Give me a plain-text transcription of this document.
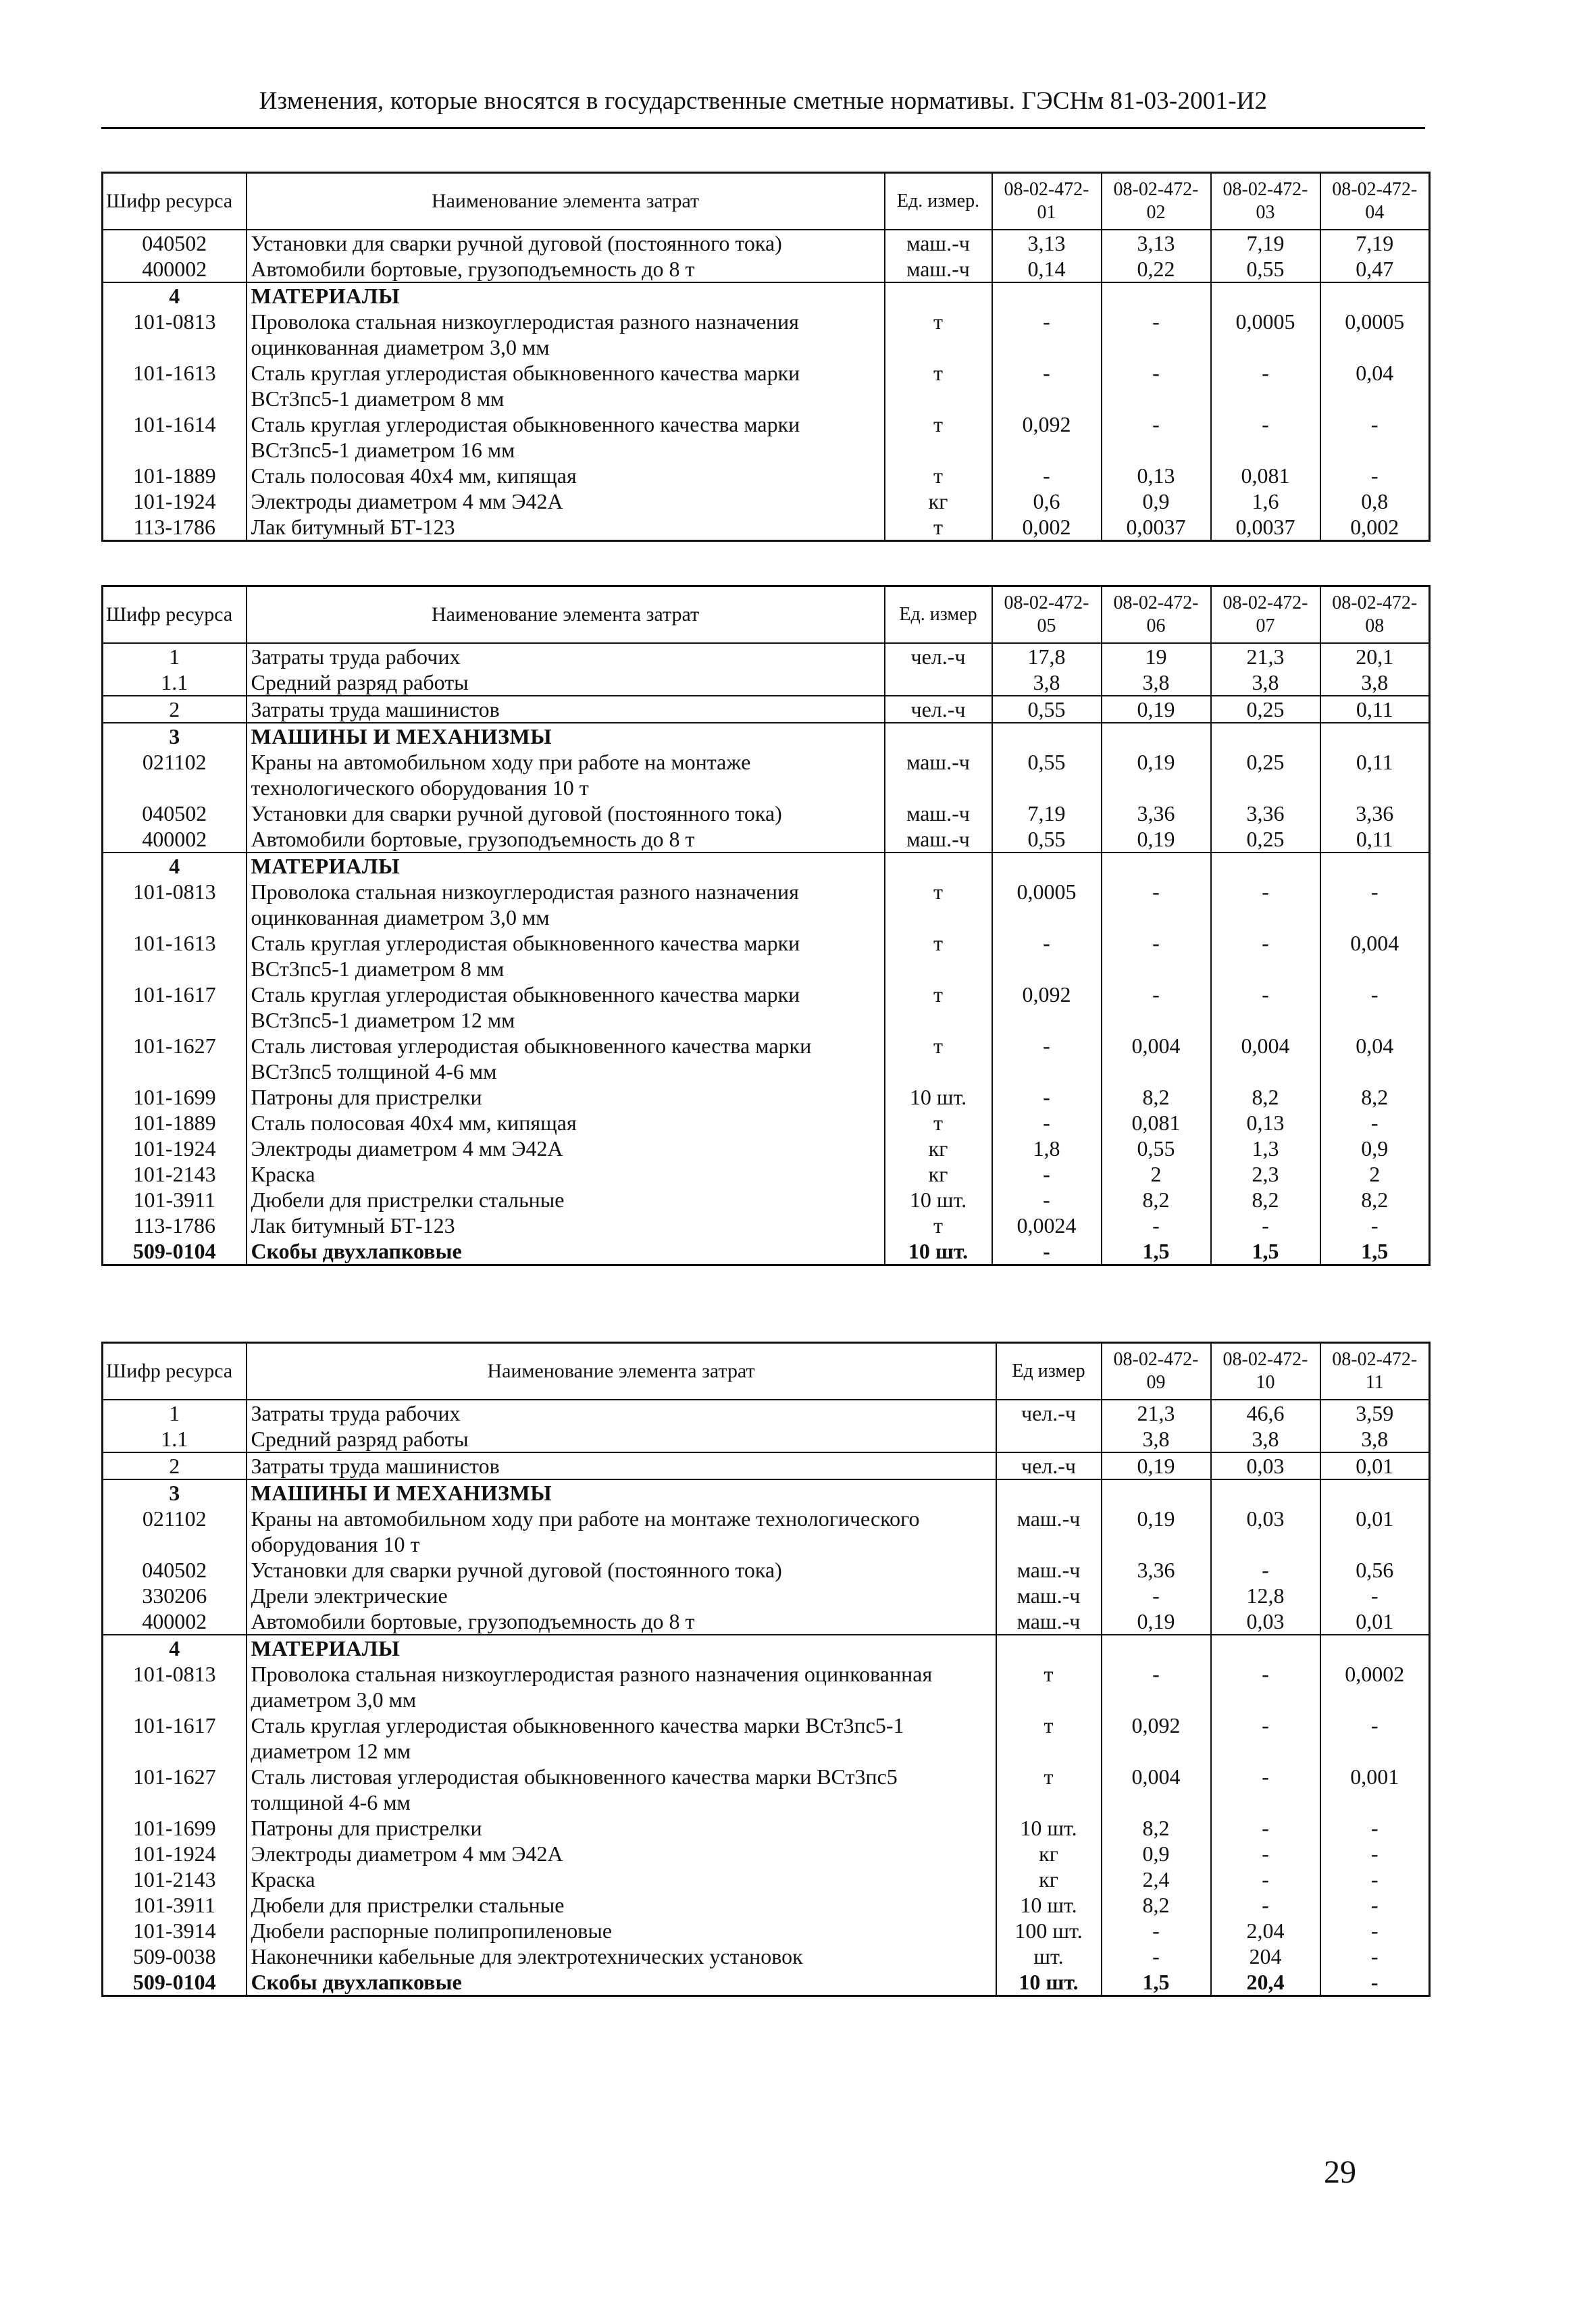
Изменения, которые вносятся в государственные сметные нормативы. ГЭСНм 81-03-2001-И2
Шифр ресурса	Наименование элемента затрат	Ед. измер.	08-02-472-01	08-02-472-02	08-02-472-03	08-02-472-04
040502	Установки для сварки ручной дуговой (постоянного тока)	маш.-ч	3,13	3,13	7,19	7,19
400002	Автомобили бортовые, грузоподъемность до 8 т	маш.-ч	0,14	0,22	0,55	0,47
4	МАТЕРИАЛЫ					
101-0813	Проволока стальная низкоуглеродистая разного назначения оцинкованная диаметром 3,0 мм	т	-	-	0,0005	0,0005
101-1613	Сталь круглая углеродистая обыкновенного качества марки ВСт3пс5-1 диаметром 8 мм	т	-	-	-	0,04
101-1614	Сталь круглая углеродистая обыкновенного качества марки ВСт3пс5-1 диаметром 16 мм	т	0,092	-	-	-
101-1889	Сталь полосовая 40х4 мм, кипящая	т	-	0,13	0,081	-
101-1924	Электроды диаметром 4 мм Э42А	кг	0,6	0,9	1,6	0,8
113-1786	Лак битумный БТ-123	т	0,002	0,0037	0,0037	0,002
Шифр ресурса	Наименование элемента затрат	Ед. измер	08-02-472-05	08-02-472-06	08-02-472-07	08-02-472-08
1	Затраты труда рабочих	чел.-ч	17,8	19	21,3	20,1
1.1	Средний разряд работы		3,8	3,8	3,8	3,8
2	Затраты труда машинистов	чел.-ч	0,55	0,19	0,25	0,11
3	МАШИНЫ И МЕХАНИЗМЫ					
021102	Краны на автомобильном ходу при работе на монтаже технологического оборудования 10 т	маш.-ч	0,55	0,19	0,25	0,11
040502	Установки для сварки ручной дуговой (постоянного тока)	маш.-ч	7,19	3,36	3,36	3,36
400002	Автомобили бортовые, грузоподъемность до 8 т	маш.-ч	0,55	0,19	0,25	0,11
4	МАТЕРИАЛЫ					
101-0813	Проволока стальная низкоуглеродистая разного назначения оцинкованная диаметром 3,0 мм	т	0,0005	-	-	-
101-1613	Сталь круглая углеродистая обыкновенного качества марки ВСт3пс5-1 диаметром 8 мм	т	-	-	-	0,004
101-1617	Сталь круглая углеродистая обыкновенного качества марки ВСт3пс5-1 диаметром 12 мм	т	0,092	-	-	-
101-1627	Сталь листовая углеродистая обыкновенного качества марки ВСт3пс5 толщиной 4-6 мм	т	-	0,004	0,004	0,04
101-1699	Патроны для пристрелки	10 шт.	-	8,2	8,2	8,2
101-1889	Сталь полосовая 40х4 мм, кипящая	т	-	0,081	0,13	-
101-1924	Электроды диаметром 4 мм Э42А	кг	1,8	0,55	1,3	0,9
101-2143	Краска	кг	-	2	2,3	2
101-3911	Дюбели для пристрелки стальные	10 шт.	-	8,2	8,2	8,2
113-1786	Лак битумный БТ-123	т	0,0024	-	-	-
509-0104	Скобы двухлапковые	10 шт.	-	1,5	1,5	1,5
Шифр ресурса	Наименование элемента затрат	Ед измер	08-02-472-09	08-02-472-10	08-02-472-11
1	Затраты труда рабочих	чел.-ч	21,3	46,6	3,59
1.1	Средний разряд работы		3,8	3,8	3,8
2	Затраты труда машинистов	чел.-ч	0,19	0,03	0,01
3	МАШИНЫ И МЕХАНИЗМЫ				
021102	Краны на автомобильном ходу при работе на монтаже технологического оборудования 10 т	маш.-ч	0,19	0,03	0,01
040502	Установки для сварки ручной дуговой (постоянного тока)	маш.-ч	3,36	-	0,56
330206	Дрели электрические	маш.-ч	-	12,8	-
400002	Автомобили бортовые, грузоподъемность до 8 т	маш.-ч	0,19	0,03	0,01
4	МАТЕРИАЛЫ				
101-0813	Проволока стальная низкоуглеродистая разного назначения оцинкованная диаметром 3,0 мм	т	-	-	0,0002
101-1617	Сталь круглая углеродистая обыкновенного качества марки ВСт3пс5-1 диаметром 12 мм	т	0,092	-	-
101-1627	Сталь листовая углеродистая обыкновенного качества марки ВСт3пс5 толщиной 4-6 мм	т	0,004	-	0,001
101-1699	Патроны для пристрелки	10 шт.	8,2	-	-
101-1924	Электроды диаметром 4 мм Э42А	кг	0,9	-	-
101-2143	Краска	кг	2,4	-	-
101-3911	Дюбели для пристрелки стальные	10 шт.	8,2	-	-
101-3914	Дюбели распорные полипропиленовые	100 шт.	-	2,04	-
509-0038	Наконечники кабельные для электротехнических установок	шт.	-	204	-
509-0104	Скобы двухлапковые	10 шт.	1,5	20,4	-
29
